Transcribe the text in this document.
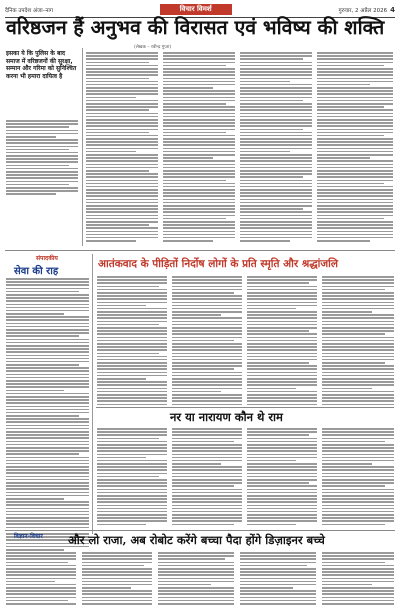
दैनिक उपदेश अंजा–नाग	विचार विमर्श	गुरुवार, 2 अप्रैल 2026 4
वरिष्ठजन हैं अनुभव की विरासत एवं भविष्य की शक्ति
(लेखक – रवीन्द्र गुप्ता)
इसका ये कि पुलिस के बाद समाज में वरिष्ठजनों की सुरक्षा, सम्मान और गरिमा को सुनिश्चित करना भी हमारा दायित्व है
संपादकीय
सेवा की राह
आतंकवाद के पीड़ितों निर्दोष लोगों के प्रति स्मृति और श्रद्धांजलि
नर या नारायण कौन थे राम
विज्ञान-विचार और लो राजा, अब रोबोट करेंगे बच्चा पैदा होंगे डिज़ाइनर बच्चे
